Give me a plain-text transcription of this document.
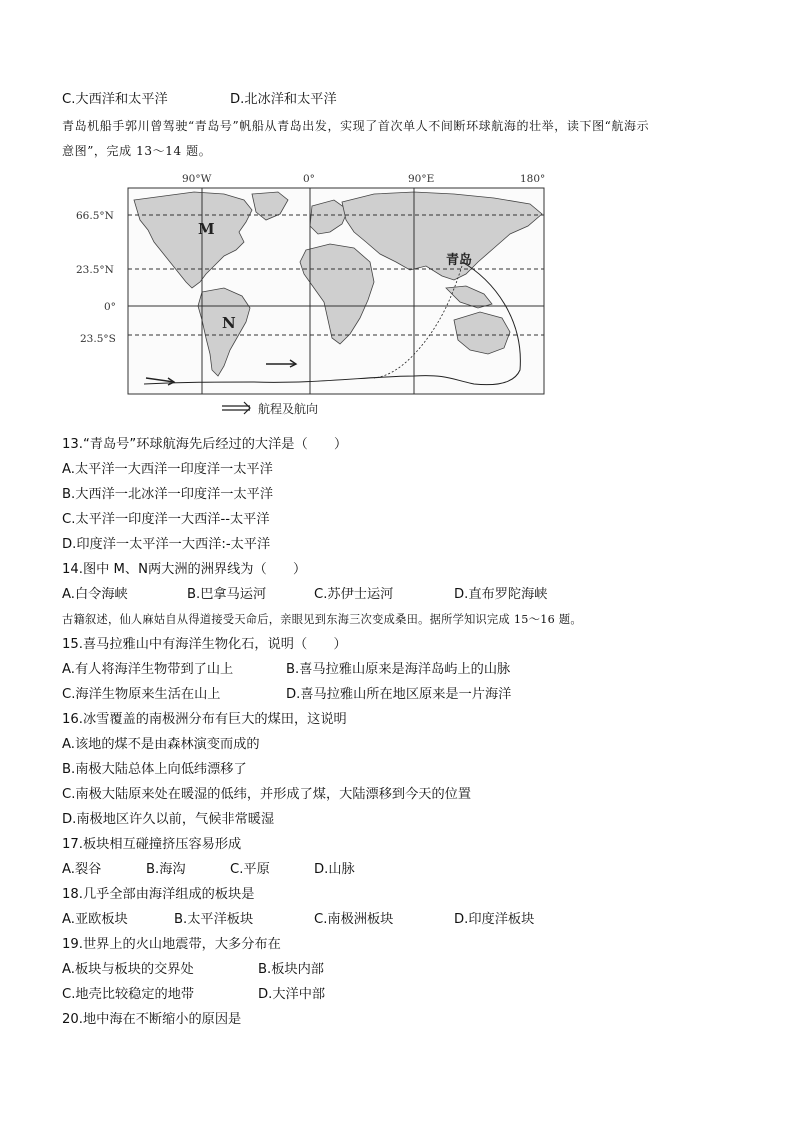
C.大西洋和太平洋	D.北冰洋和太平洋
青岛机船手郭川曾驾驶“青岛号”帆船从青岛出发，实现了首次单人不间断环球航海的壮举，读下图“航海示
意图”，完成 13～14 题。
90°W	0°	90°E	180°
66.5°N
23.5°N
0°
23.5°S
M
N
青岛
航程及航向
13.“青岛号”环球航海先后经过的大洋是（　　）
A.太平洋一大西洋一印度洋一太平洋
B.大西洋一北冰洋一印度洋一太平洋
C.太平洋一印度洋一大西洋--太平洋
D.印度洋一太平洋一大西洋:-太平洋
14.图中 M、N两大洲的洲界线为（　　）
A.白令海峡	B.巴拿马运河	C.苏伊士运河	D.直布罗陀海峡
古籍叙述，仙人麻姑自从得道接受天命后，亲眼见到东海三次变成桑田。据所学知识完成 15～16 题。
15.喜马拉雅山中有海洋生物化石，说明（　　）
A.有人将海洋生物带到了山上	B.喜马拉雅山原来是海洋岛屿上的山脉
C.海洋生物原来生活在山上	D.喜马拉雅山所在地区原来是一片海洋
16.冰雪覆盖的南极洲分布有巨大的煤田，这说明
A.该地的煤不是由森林演变而成的
B.南极大陆总体上向低纬漂移了
C.南极大陆原来处在暖湿的低纬，并形成了煤，大陆漂移到今天的位置
D.南极地区许久以前，气候非常暖湿
17.板块相互碰撞挤压容易形成
A.裂谷	B.海沟	C.平原	D.山脉
18.几乎全部由海洋组成的板块是
A.亚欧板块	B.太平洋板块	C.南极洲板块	D.印度洋板块
19.世界上的火山地震带，大多分布在
A.板块与板块的交界处	B.板块内部
C.地壳比较稳定的地带	D.大洋中部
20.地中海在不断缩小的原因是
